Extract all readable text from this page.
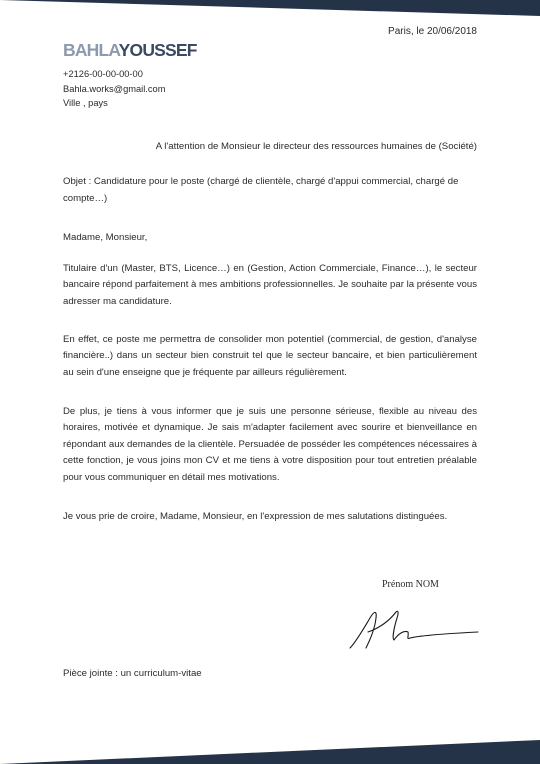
Paris, le 20/06/2018
BAHLAYOUSSEF
+2126-00-00-00-00
Bahla.works@gmail.com
Ville , pays
A l'attention de Monsieur le directeur des ressources humaines de (Société)

Objet : Candidature pour le poste (chargé de clientèle, chargé d'appui commercial, chargé de compte…)

Madame, Monsieur,

Titulaire d'un (Master, BTS, Licence…) en (Gestion, Action Commerciale, Finance…), le secteur bancaire répond parfaitement à mes ambitions professionnelles. Je souhaite par la présente vous adresser ma candidature.

En effet, ce poste me permettra de consolider mon potentiel (commercial, de gestion, d'analyse financière..) dans un secteur bien construit tel que le secteur bancaire, et bien particulièrement au sein d'une enseigne que je fréquente par ailleurs régulièrement.

De plus, je tiens à vous informer que je suis une personne sérieuse, flexible au niveau des horaires, motivée et dynamique. Je sais m'adapter facilement avec sourire et bienveillance en répondant aux demandes de la clientèle. Persuadée de posséder les compétences nécessaires à cette fonction, je vous joins mon CV et me tiens à votre disposition pour tout entretien préalable pour vous communiquer en détail mes motivations.

Je vous prie de croire, Madame, Monsieur, en l'expression de mes salutations distinguées.

Prénom NOM

Pièce jointe : un curriculum-vitae
